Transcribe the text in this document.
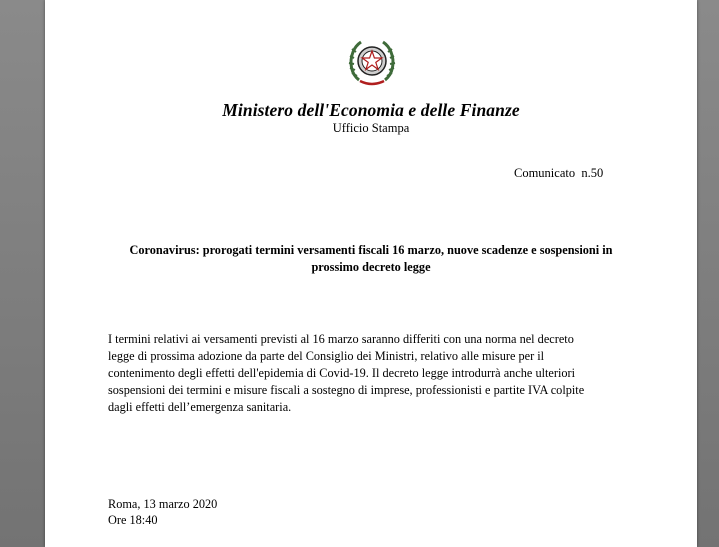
Ministero dell'Economia e delle Finanze
Ufficio Stampa
Comunicato  n.50
Coronavirus: prorogati termini versamenti fiscali 16 marzo, nuove scadenze e sospensioni in
prossimo decreto legge
I termini relativi ai versamenti previsti al 16 marzo saranno differiti con una norma nel decreto
legge di prossima adozione da parte del Consiglio dei Ministri, relativo alle misure per il
contenimento degli effetti dell'epidemia di Covid-19. Il decreto legge introdurrà anche ulteriori
sospensioni dei termini e misure fiscali a sostegno di imprese, professionisti e partite IVA colpite
dagli effetti dell’emergenza sanitaria.
Roma, 13 marzo 2020
Ore 18:40
